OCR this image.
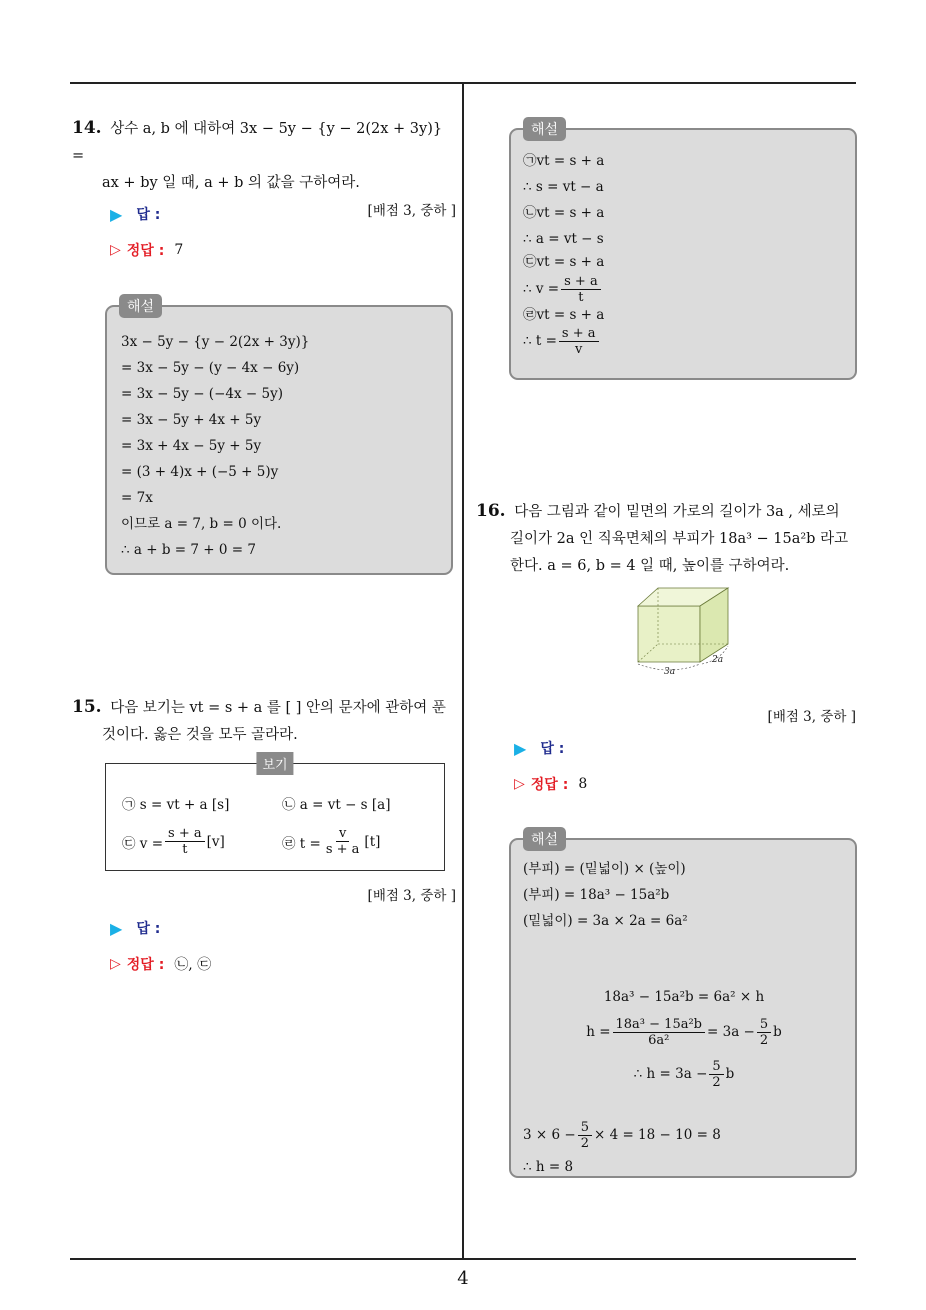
4
14. 상수 a, b 에 대하여 3x − 5y − {y − 2(2x + 3y)} =
ax + by 일 때, a + b 의 값을 구하여라.
[배점 3, 중하 ]
▶ 답 :
▷ 정답 : 7
해설
3x − 5y − {y − 2(2x + 3y)}
= 3x − 5y − (y − 4x − 6y)
= 3x − 5y − (−4x − 5y)
= 3x − 5y + 4x + 5y
= 3x + 4x − 5y + 5y
= (3 + 4)x + (−5 + 5)y
= 7x
이므로 a = 7, b = 0 이다.
∴ a + b = 7 + 0 = 7
15. 다음 보기는 vt = s + a 를 [ ] 안의 문자에 관하여 푼
것이다. 옳은 것을 모두 골라라.
보기
㉠ s = vt + a [s]	㉡ a = vt − s [a]
㉢ $v = \frac{s + a}{t} [v]$	㉣ $t = \frac{v}{s + a} [t]$
[배점 3, 중하 ]
▶ 답 :
▷ 정답 : ㉡, ㉢
해설
㉠vt = s + a
∴ s = vt − a
㉡vt = s + a
∴ a = vt − s
㉢vt = s + a
∴ $v = \frac{s + a}{t}$
㉣vt = s + a
∴ $t = \frac{s + a}{v}$
16. 다음 그림과 같이 밑면의 가로의 길이가 3a , 세로의
길이가 2a 인 직육면체의 부피가 18a³ − 15a²b 라고
한다. a = 6, b = 4 일 때, 높이를 구하여라.
3a
2a
[배점 3, 중하 ]
▶ 답 :
▷ 정답 : 8
해설
(부피) = (밑넓이) × (높이)
(부피) = 18a³ − 15a²b
(밑넓이) = 3a × 2a = 6a²
18a³ − 15a²b = 6a² × h
$h = \frac{\text{18a³ − 15a²b}}{\text{6a²}} = 3a - \frac{5}{2}$ b
∴ $h = 3a - \frac{5}{2}$ b
$3 \times 6 - \frac{5}{2} \times 4 = 18 - 10 = 8$
∴ h = 8
